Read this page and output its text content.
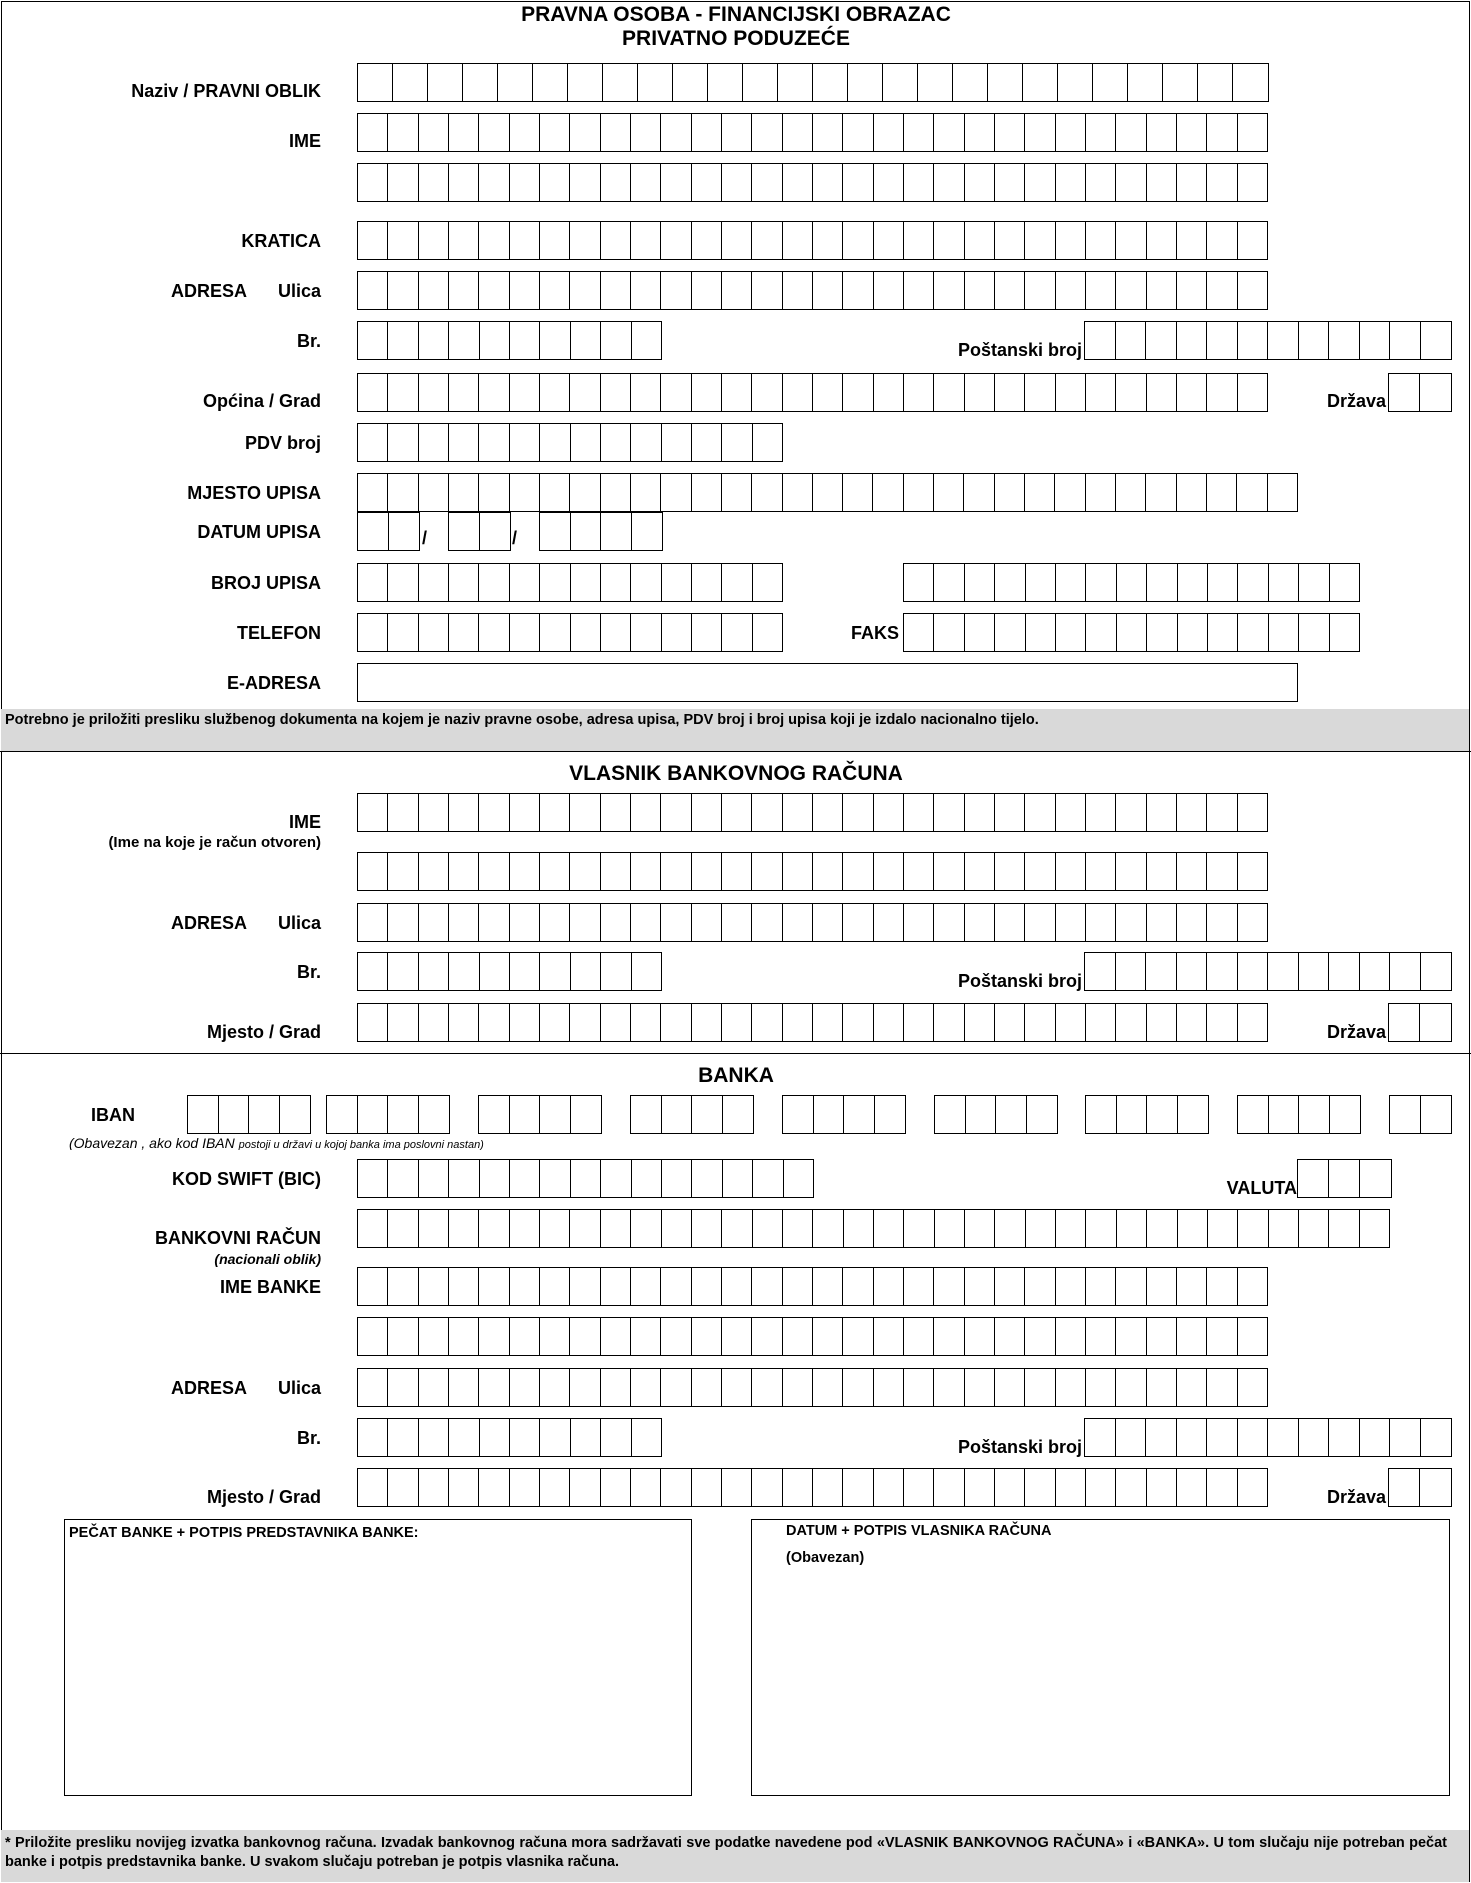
PRAVNA OSOBA - FINANCIJSKI OBRAZAC
PRIVATNO PODUZEĆE
Naziv / PRAVNI OBLIK
IME
KRATICA
ADRESA Ulica
Br.	Poštanski broj
Općina / Grad	Država
PDV broj
MJESTO UPISA
DATUM UPISA	/	/
BROJ UPISA
TELEFON	FAKS
E-ADRESA
Potrebno je priložiti presliku službenog dokumenta na kojem je naziv pravne osobe, adresa upisa, PDV broj i broj upisa koji je izdalo nacionalno tijelo.
VLASNIK BANKOVNOG RAČUNA
IME
(Ime na koje je račun otvoren)
ADRESA Ulica
Br.	Poštanski broj
Mjesto / Grad	Država
BANKA
IBAN
(Obavezan , ako kod IBAN postoji u državi u kojoj banka ima poslovni nastan)
KOD SWIFT (BIC)	VALUTA
BANKOVNI RAČUN
(nacionali oblik)
IME BANKE
ADRESA Ulica
Br.	Poštanski broj
Mjesto / Grad	Država
PEČAT BANKE + POTPIS PREDSTAVNIKA BANKE:	DATUM + POTPIS VLASNIKA RAČUNA
(Obavezan)
* Priložite presliku novijeg izvatka bankovnog računa. Izvadak bankovnog računa mora sadržavati sve podatke navedene pod «VLASNIK BANKOVNOG RAČUNA» i «BANKA». U tom slučaju nije potreban pečat banke i potpis predstavnika banke. U svakom slučaju potreban je potpis vlasnika računa.
